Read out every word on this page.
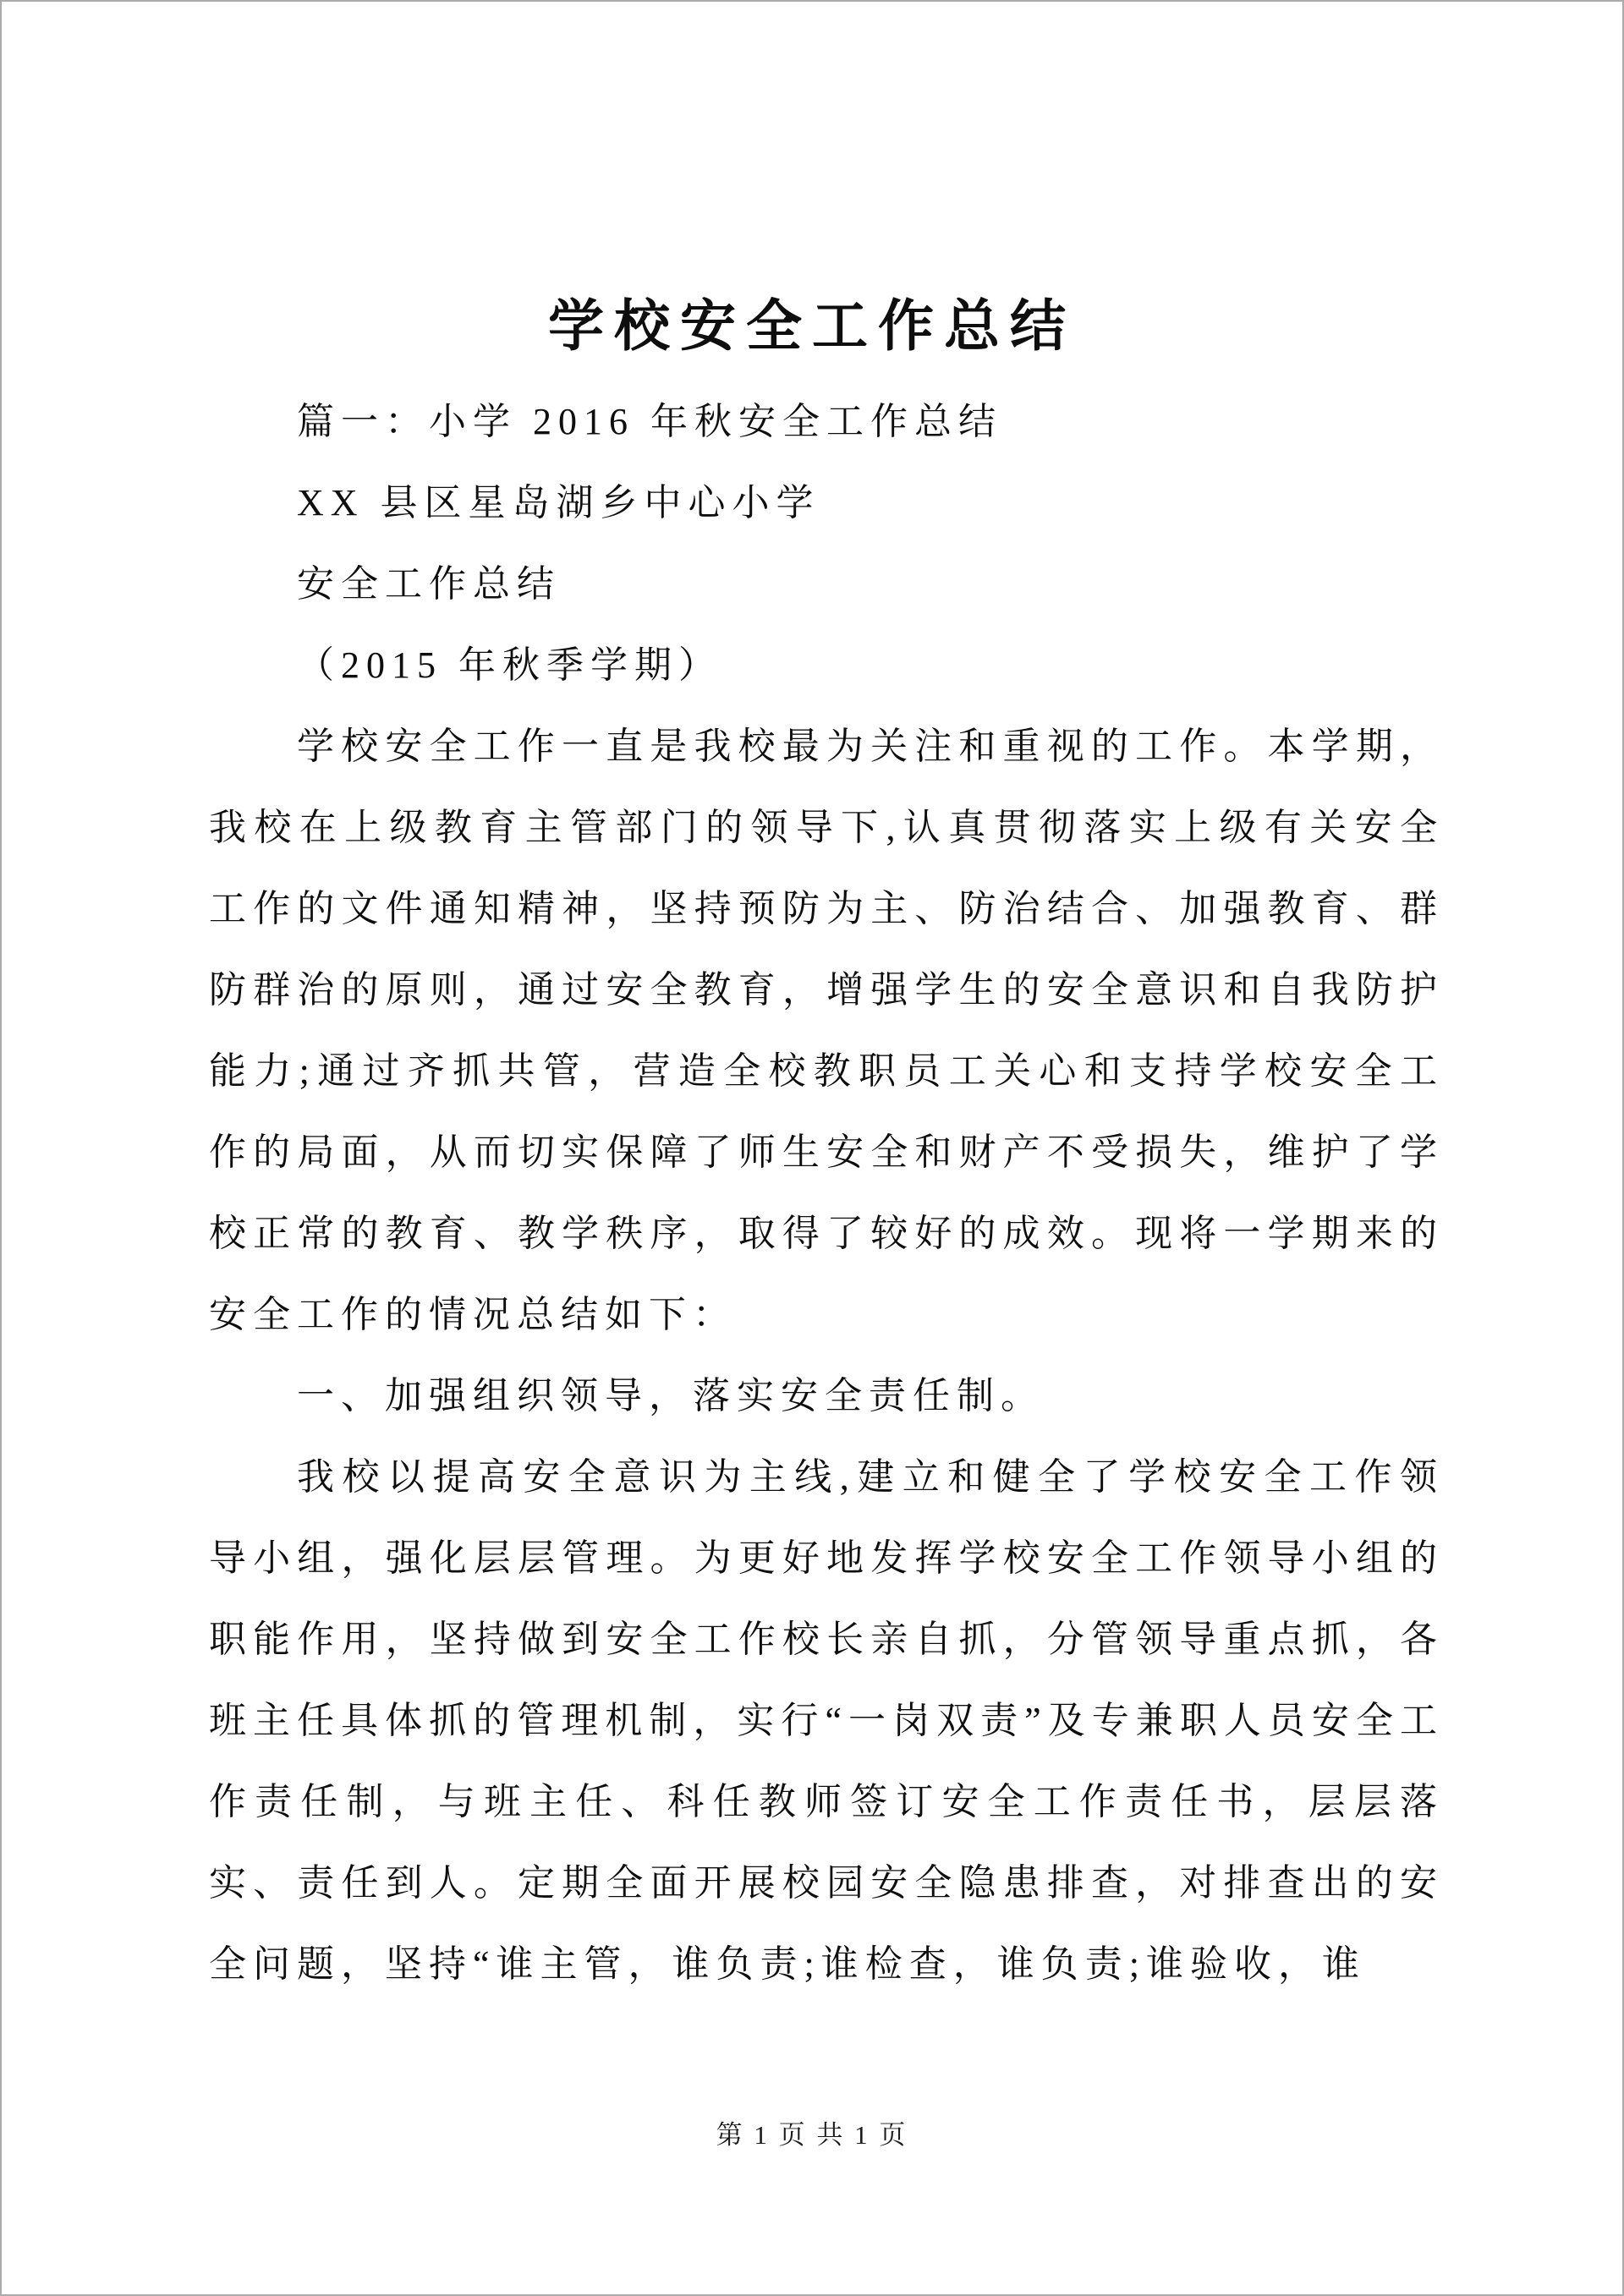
学校安全工作总结

篇一：小学 2016 年秋安全工作总结

XX 县区星岛湖乡中心小学

安全工作总结

（2015 年秋季学期）

学校安全工作一直是我校最为关注和重视的工作。本学期，我校在上级教育主管部门的领导下,认真贯彻落实上级有关安全工作的文件通知精神，坚持预防为主、防治结合、加强教育、群防群治的原则，通过安全教育，增强学生的安全意识和自我防护能力;通过齐抓共管，营造全校教职员工关心和支持学校安全工作的局面，从而切实保障了师生安全和财产不受损失，维护了学校正常的教育、教学秩序，取得了较好的成效。现将一学期来的安全工作的情况总结如下：

一、加强组织领导，落实安全责任制。

我校以提高安全意识为主线,建立和健全了学校安全工作领导小组，强化层层管理。为更好地发挥学校安全工作领导小组的职能作用，坚持做到安全工作校长亲自抓，分管领导重点抓，各班主任具体抓的管理机制，实行“一岗双责”及专兼职人员安全工作责任制，与班主任、科任教师签订安全工作责任书，层层落实、责任到人。定期全面开展校园安全隐患排查，对排查出的安全问题，坚持“谁主管，谁负责;谁检查，谁负责;谁验收，谁

第 1 页 共 1 页
